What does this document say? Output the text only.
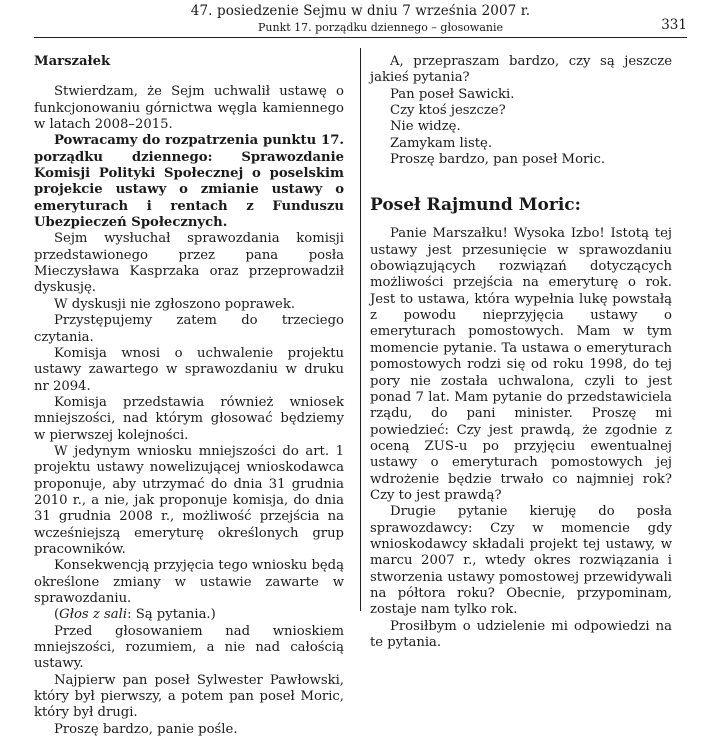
47. posiedzenie Sejmu w dniu 7 września 2007 r.
Punkt 17. porządku dziennego – głosowanie	331

Marszałek

Stwierdzam, że Sejm uchwalił ustawę o funkcjonowaniu górnictwa węgla kamiennego w latach 2008–2015.

Powracamy do rozpatrzenia punktu 17. porządku dziennego: Sprawozdanie Komisji Polityki Społecznej o poselskim projekcie ustawy o zmianie ustawy o emeryturach i rentach z Funduszu Ubezpieczeń Społecznych.

Sejm wysłuchał sprawozdania komisji przedstawionego przez pana posła Mieczysława Kasprzaka oraz przeprowadził dyskusję.

W dyskusji nie zgłoszono poprawek.

Przystępujemy zatem do trzeciego czytania.

Komisja wnosi o uchwalenie projektu ustawy zawartego w sprawozdaniu w druku nr 2094.

Komisja przedstawia również wniosek mniejszości, nad którym głosować będziemy w pierwszej kolejności.

W jedynym wniosku mniejszości do art. 1 projektu ustawy nowelizującej wnioskodawca proponuje, aby utrzymać do dnia 31 grudnia 2010 r., a nie, jak proponuje komisja, do dnia 31 grudnia 2008 r., możliwość przejścia na wcześniejszą emeryturę określonych grup pracowników.

Konsekwencją przyjęcia tego wniosku będą określone zmiany w ustawie zawarte w sprawozdaniu.

(Głos z sali: Są pytania.)

Przed głosowaniem nad wnioskiem mniejszości, rozumiem, a nie nad całością ustawy.

Najpierw pan poseł Sylwester Pawłowski, który był pierwszy, a potem pan poseł Moric, który był drugi.

Proszę bardzo, panie pośle.

A, przepraszam bardzo, czy są jeszcze jakieś pytania?

Pan poseł Sawicki.

Czy ktoś jeszcze?

Nie widzę.

Zamykam listę.

Proszę bardzo, pan poseł Moric.

Poseł Rajmund Moric:

Panie Marszałku! Wysoka Izbo! Istotą tej ustawy jest przesunięcie w sprawozdaniu obowiązujących rozwiązań dotyczących możliwości przejścia na emeryturę o rok. Jest to ustawa, która wypełnia lukę powstałą z powodu nieprzyjęcia ustawy o emeryturach pomostowych. Mam w tym momencie pytanie. Ta ustawa o emeryturach pomostowych rodzi się od roku 1998, do tej pory nie została uchwalona, czyli to jest ponad 7 lat. Mam pytanie do przedstawiciela rządu, do pani minister. Proszę mi powiedzieć: Czy jest prawdą, że zgodnie z oceną ZUS-u po przyjęciu ewentualnej ustawy o emeryturach pomostowych jej wdrożenie będzie trwało co najmniej rok? Czy to jest prawdą?

Drugie pytanie kieruję do posła sprawozdawcy: Czy w momencie gdy wnioskodawcy składali projekt tej ustawy, w marcu 2007 r., wtedy okres rozwiązania i stworzenia ustawy pomostowej przewidywali na półtora roku? Obecnie, przypominam, zostaje nam tylko rok.

Prosiłbym o udzielenie mi odpowiedzi na te pytania.
